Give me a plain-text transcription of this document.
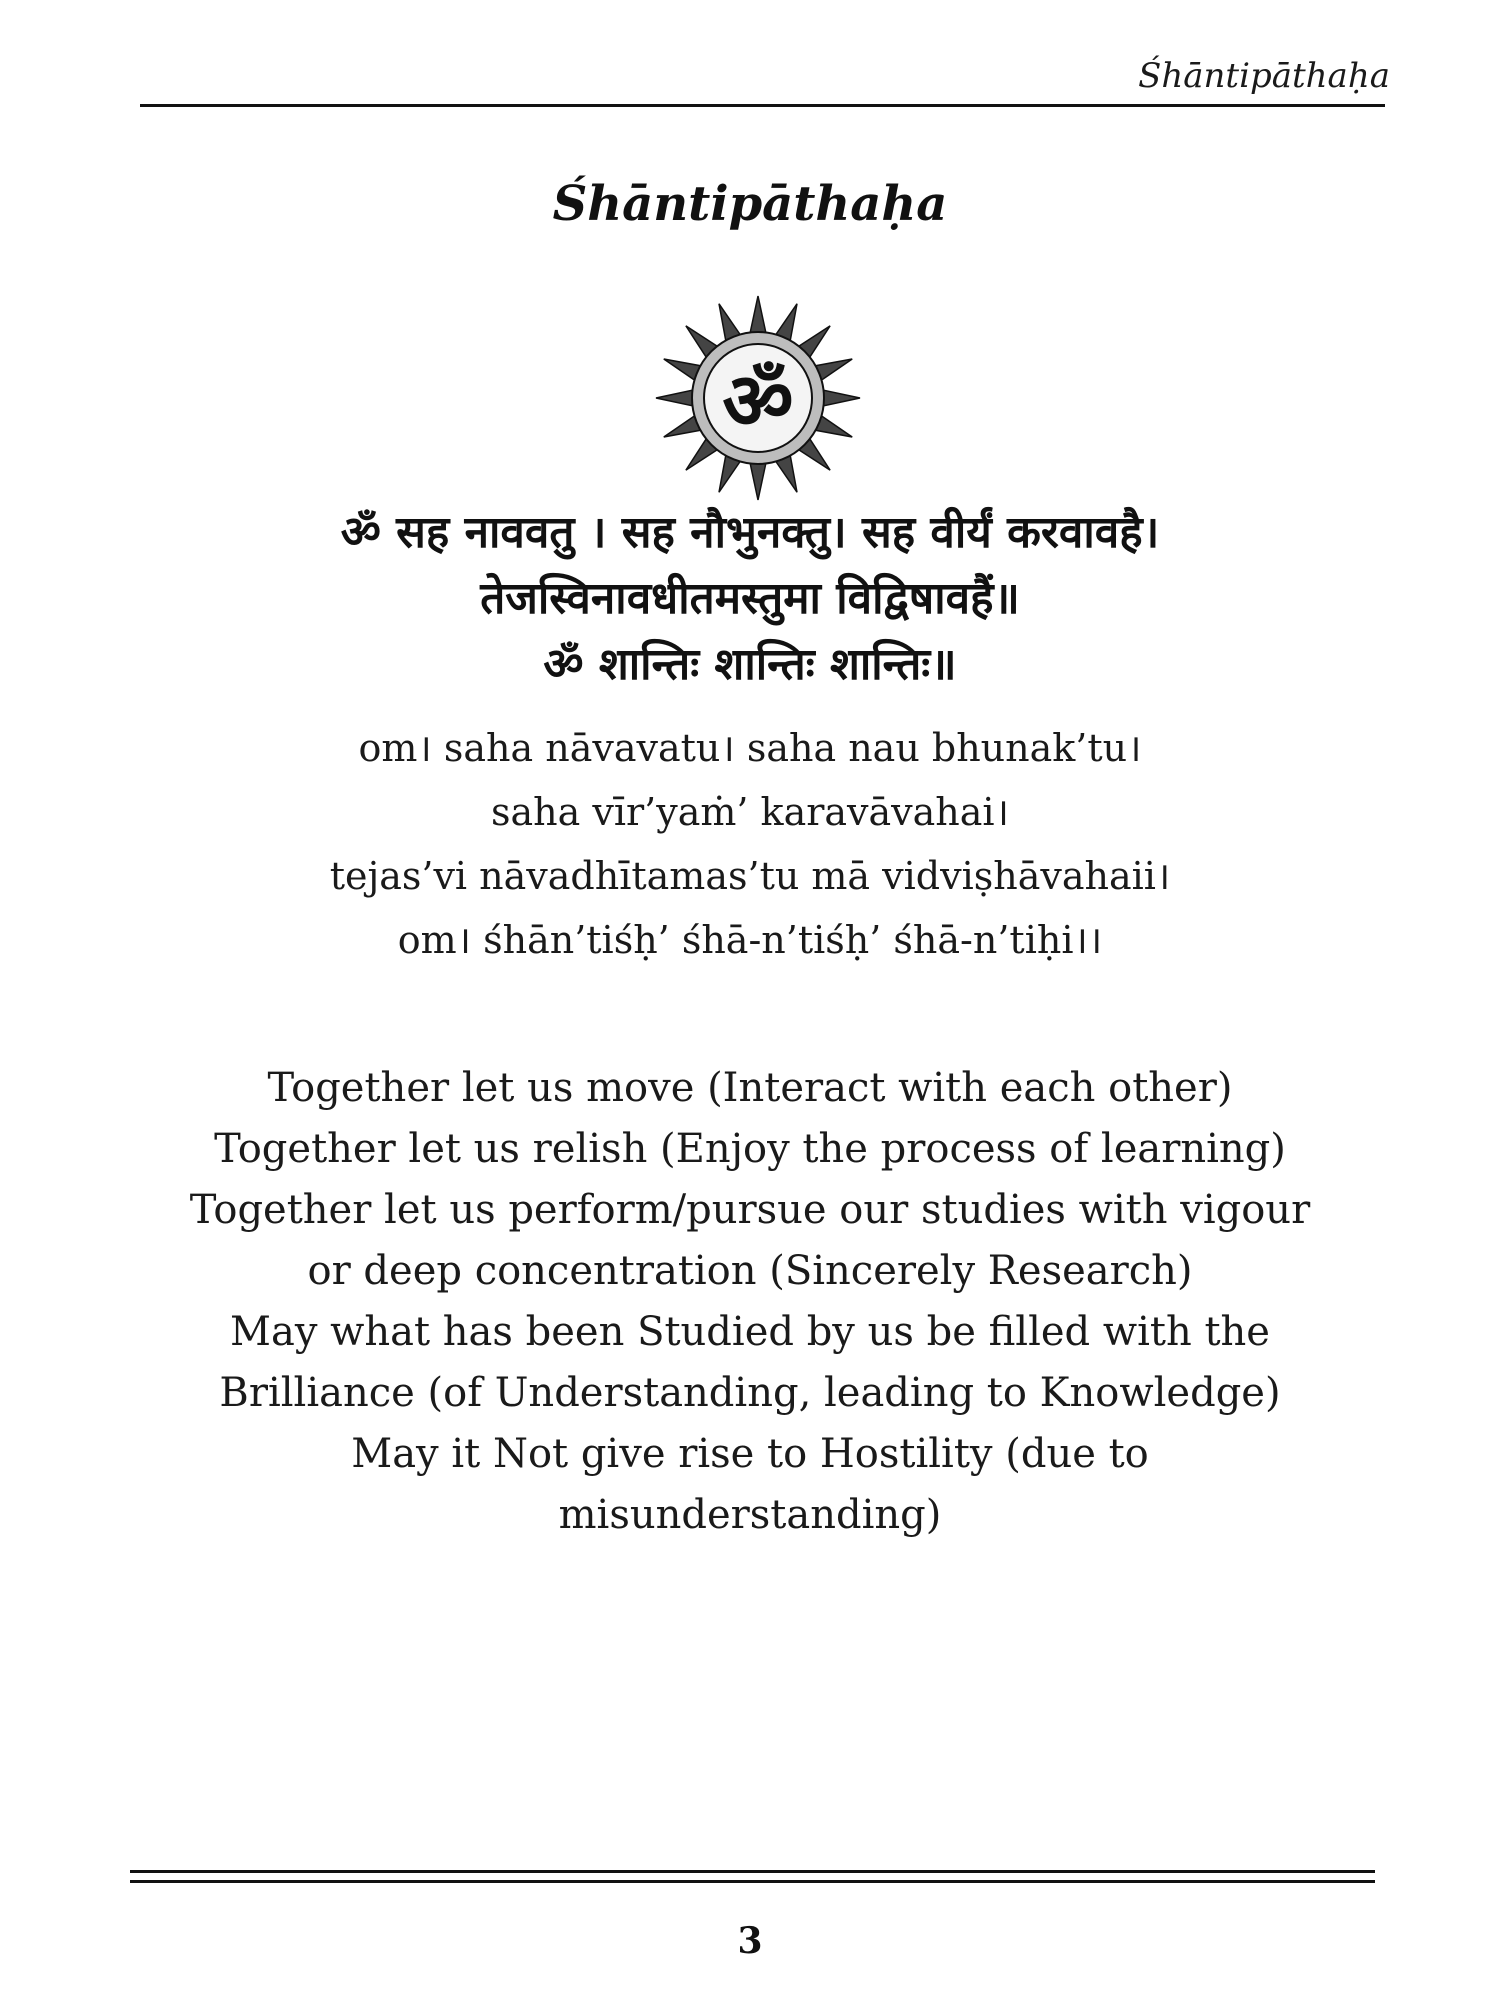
Śhāntipāthaḥa
Śhāntipāthaḥa
ॐ
ॐ सह नाववतु । सह नौभुनक्तु। सह वीर्यं करवावहै।
तेजस्विनावधीतमस्तुमा विद्विषावहैं॥
ॐ शान्तिः शान्तिः शान्तिः॥
om। saha nāvavatu। saha nau bhunak’tu।
saha vīr’yaṁ’ karavāvahai।
tejas’vi nāvadhītamas’tu mā vidviṣhāvahaii।
om। śhān’tiśḥ’ śhā-n’tiśḥ’ śhā-n’tiḥi।।
Together let us move (Interact with each other)
Together let us relish (Enjoy the process of learning)
Together let us perform/pursue our studies with vigour
or deep concentration (Sincerely Research)
May what has been Studied by us be filled with the
Brilliance (of Understanding, leading to Knowledge)
May it Not give rise to Hostility (due to
misunderstanding)
3
